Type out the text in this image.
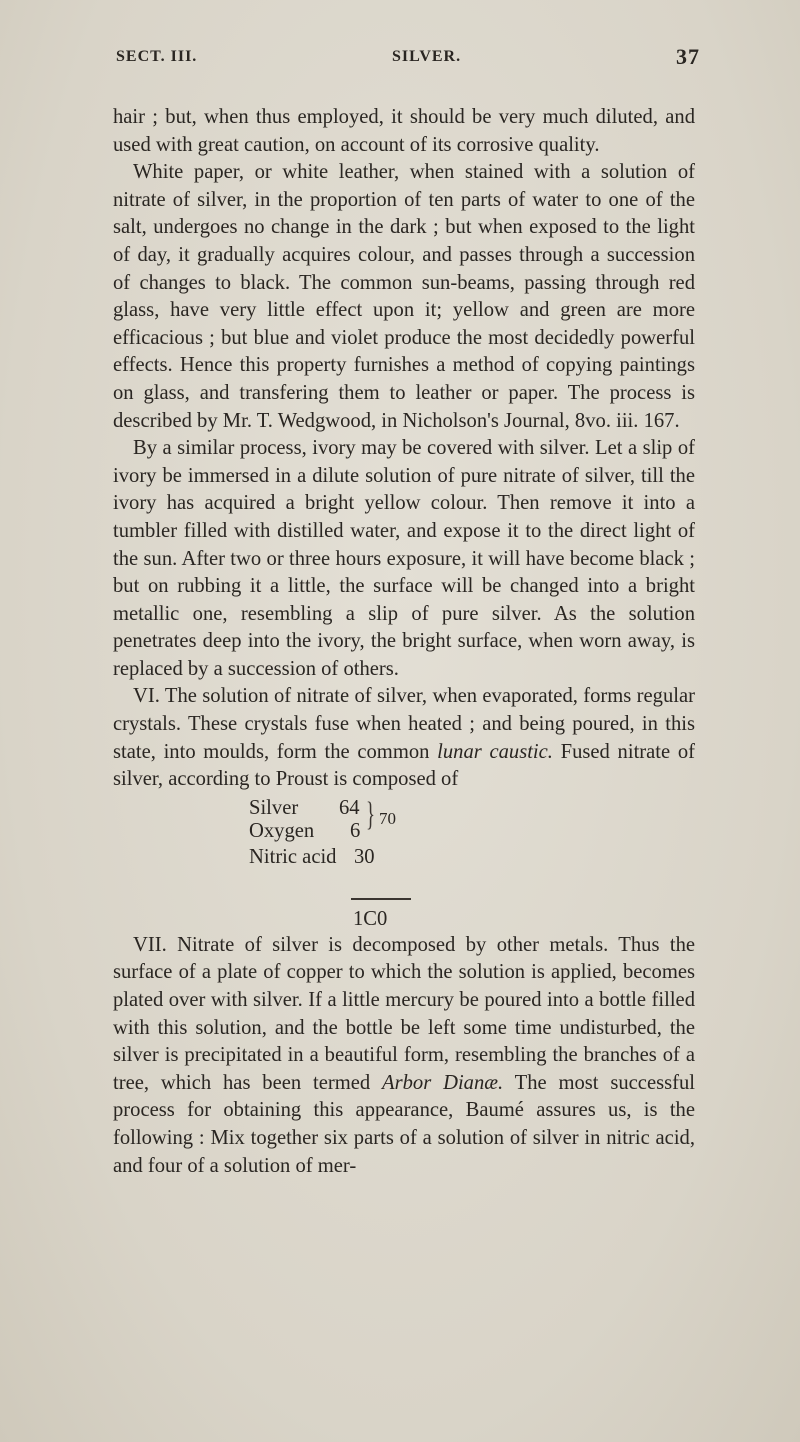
SECT. III.	SILVER.	37

hair ; but, when thus employed, it should be very much diluted, and used with great caution, on account of its corrosive quality.

White paper, or white leather, when stained with a solution of nitrate of silver, in the proportion of ten parts of water to one of the salt, undergoes no change in the dark ; but when exposed to the light of day, it gradually acquires colour, and passes through a succession of changes to black. The common sun-beams, passing through red glass, have very little effect upon it; yellow and green are more efficacious ; but blue and violet produce the most decidedly powerful effects. Hence this property furnishes a method of copying paintings on glass, and transfering them to leather or paper. The process is described by Mr. T. Wedgwood, in Nicholson's Journal, 8vo. iii. 167.

By a similar process, ivory may be covered with silver. Let a slip of ivory be immersed in a dilute solution of pure nitrate of silver, till the ivory has acquired a bright yellow colour. Then remove it into a tumbler filled with distilled water, and expose it to the direct light of the sun. After two or three hours exposure, it will have become black ; but on rubbing it a little, the surface will be changed into a bright metallic one, resembling a slip of pure silver. As the solution penetrates deep into the ivory, the bright surface, when worn away, is replaced by a succession of others.

VI. The solution of nitrate of silver, when evaporated, forms regular crystals. These crystals fuse when heated ; and being poured, in this state, into moulds, form the common lunar caustic. Fused nitrate of silver, according to Proust is composed of

Silver 64
Oxygen 6 } 70
Nitric acid 30
1C0

VII. Nitrate of silver is decomposed by other metals. Thus the surface of a plate of copper to which the solution is applied, becomes plated over with silver. If a little mercury be poured into a bottle filled with this solution, and the bottle be left some time undisturbed, the silver is precipitated in a beautiful form, resembling the branches of a tree, which has been termed Arbor Dianæ. The most successful process for obtaining this appearance, Baumé assures us, is the following : Mix together six parts of a solution of silver in nitric acid, and four of a solution of mer-
